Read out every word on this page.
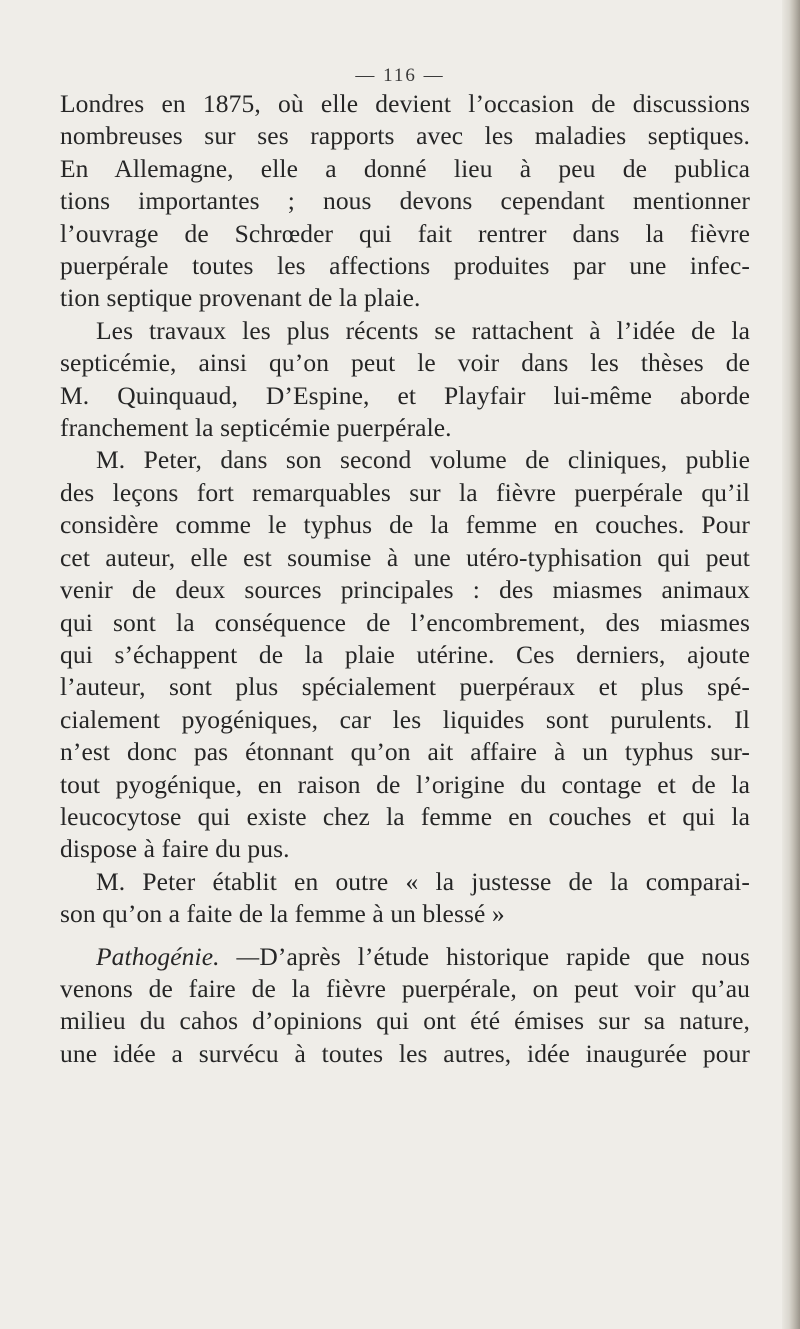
— 116 —
Londres en 1875, où elle devient l’occasion de discussions
nombreuses sur ses rapports avec les maladies septiques.
En Allemagne, elle a donné lieu à peu de publica
tions importantes ; nous devons cependant mentionner
l’ouvrage de Schrœder qui fait rentrer dans la fièvre
puerpérale toutes les affections produites par une infec-
tion septique provenant de la plaie.
Les travaux les plus récents se rattachent à l’idée de la
septicémie, ainsi qu’on peut le voir dans les thèses de
M. Quinquaud, D’Espine, et Playfair lui-même aborde
franchement la septicémie puerpérale.
M. Peter, dans son second volume de cliniques, publie
des leçons fort remarquables sur la fièvre puerpérale qu’il
considère comme le typhus de la femme en couches. Pour
cet auteur, elle est soumise à une utéro-typhisation qui peut
venir de deux sources principales : des miasmes animaux
qui sont la conséquence de l’encombrement, des miasmes
qui s’échappent de la plaie utérine. Ces derniers, ajoute
l’auteur, sont plus spécialement puerpéraux et plus spé-
cialement pyogéniques, car les liquides sont purulents. Il
n’est donc pas étonnant qu’on ait affaire à un typhus sur-
tout pyogénique, en raison de l’origine du contage et de la
leucocytose qui existe chez la femme en couches et qui la
dispose à faire du pus.
M. Peter établit en outre « la justesse de la comparai-
son qu’on a faite de la femme à un blessé »
Pathogénie. —D’après l’étude historique rapide que nous
venons de faire de la fièvre puerpérale, on peut voir qu’au
milieu du cahos d’opinions qui ont été émises sur sa nature,
une idée a survécu à toutes les autres, idée inaugurée pour
